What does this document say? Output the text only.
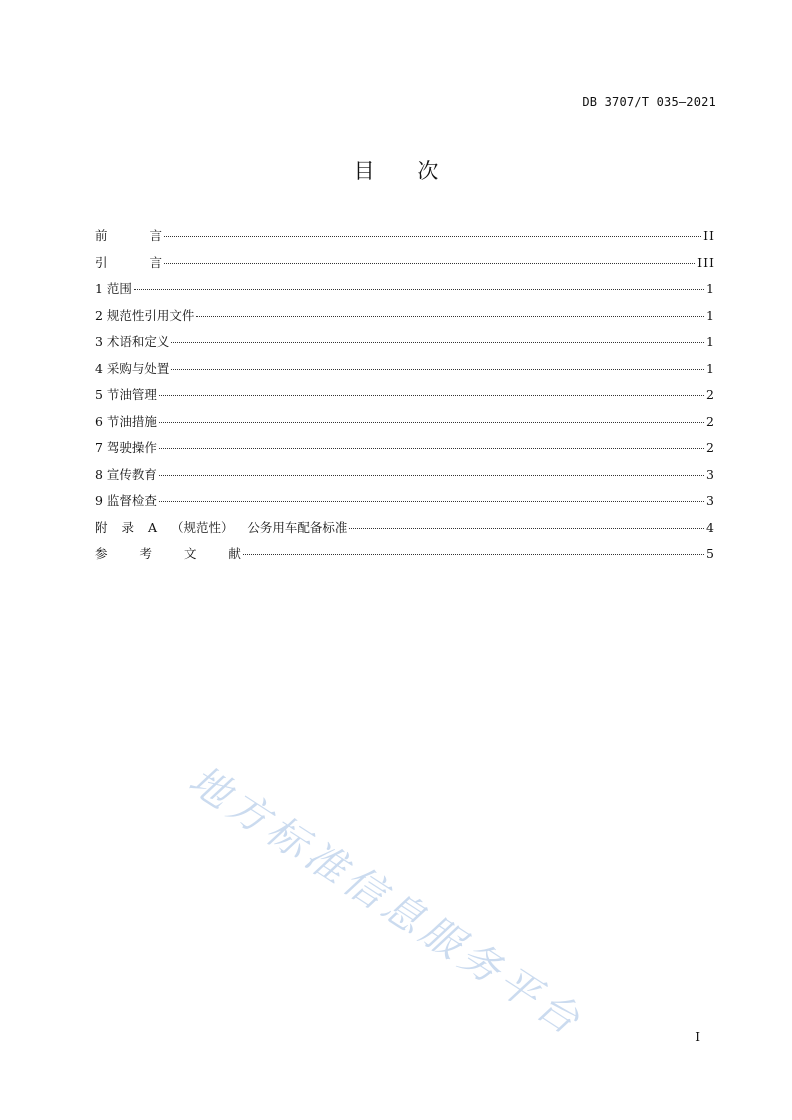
DB 3707/T 035—2021
目 次
前言	II
引言	III
1 范围	1
2 规范性引用文件	1
3 术语和定义	1
4 采购与处置	1
5 节油管理	2
6 节油措施	2
7 驾驶操作	2
8 宣传教育	3
9 监督检查	3
附 录 A （规范性） 公务用车配备标准	4
参 考 文 献	5
地方标准信息服务平台	I
